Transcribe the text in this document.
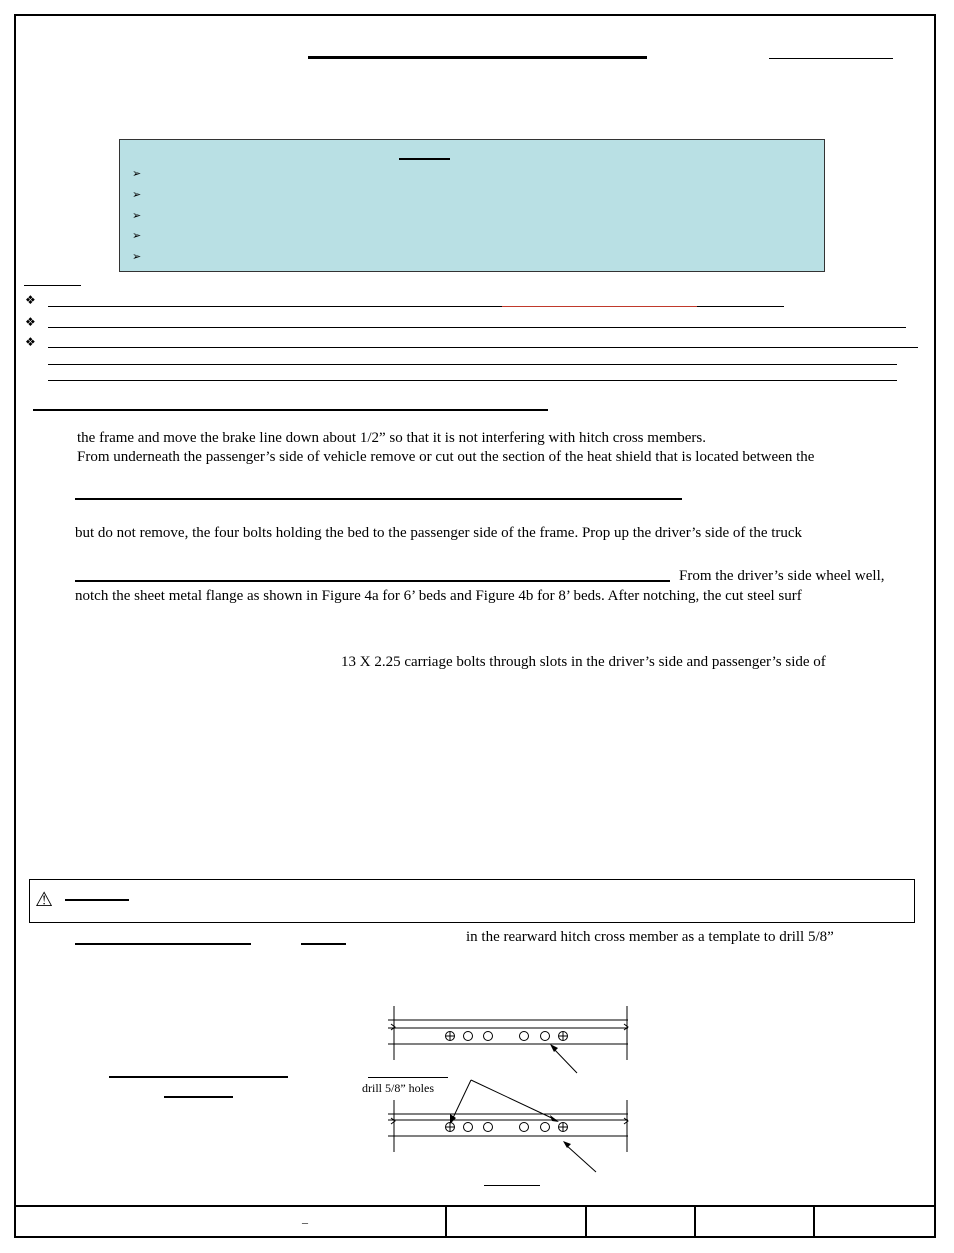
➢
➢
➢
➢
➢
❖
❖
❖
the frame and move the brake line down about 1/2” so that it is not interfering with hitch cross members.
From underneath the passenger’s side of vehicle remove or cut out the section of the heat shield that is located between the
but do not remove, the four bolts holding the bed to the passenger side of the frame. Prop up the driver’s side of the truck
From the driver’s side wheel well,
notch the sheet metal flange as shown in Figure 4a for 6’ beds and Figure 4b for 8’ beds. After notching, the cut steel surf
13 X 2.25 carriage bolts through slots in the driver’s side and passenger’s side of
⚠
in the rearward hitch cross member as a template to drill 5/8”
drill 5/8” holes
–
